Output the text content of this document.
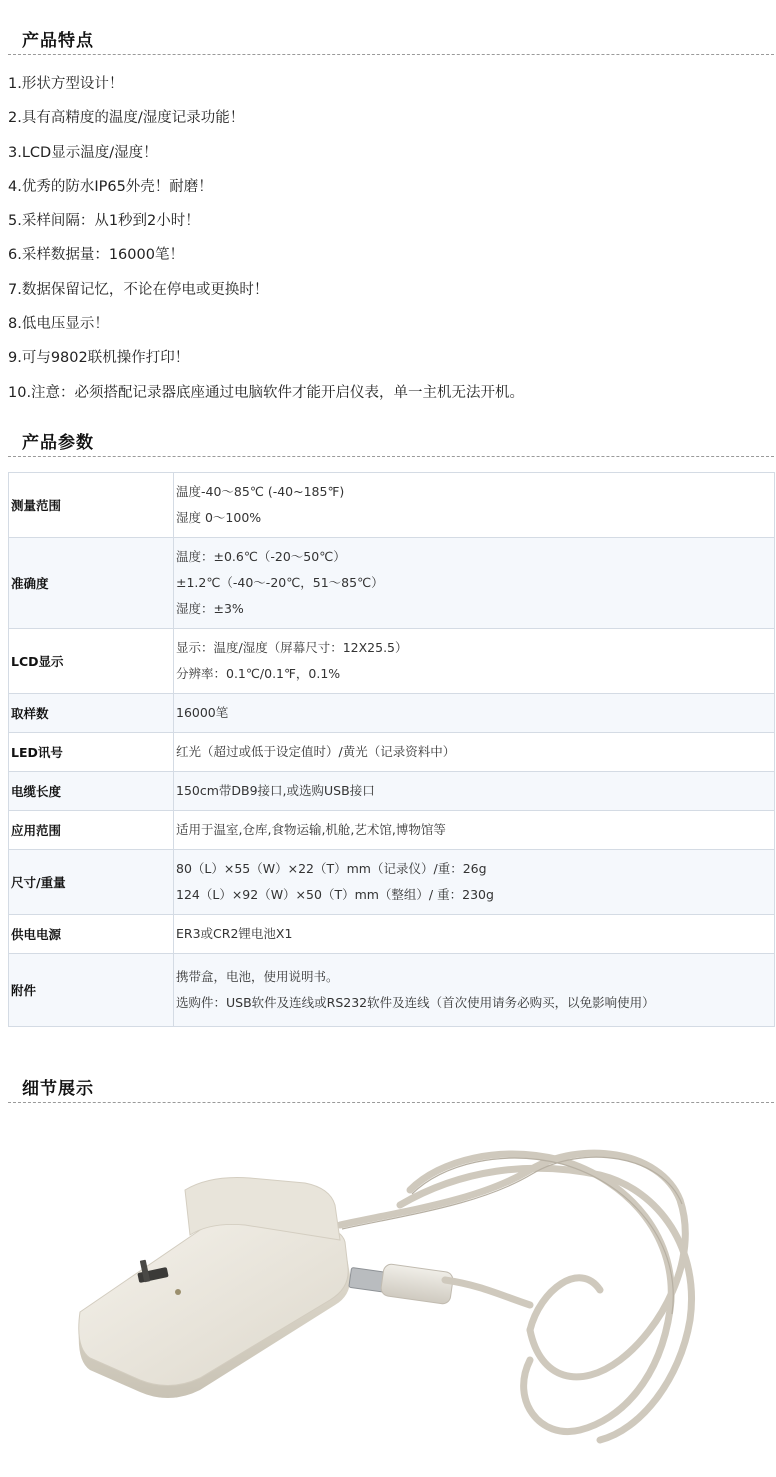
产品特点
1.形状方型设计！
2.具有高精度的温度/湿度记录功能！
3.LCD显示温度/湿度！
4.优秀的防水IP65外壳！耐磨！
5.采样间隔：从1秒到2小时！
6.采样数据量：16000笔！
7.数据保留记忆，不论在停电或更换时！
8.低电压显示！
9.可与9802联机操作打印！
10.注意：必须搭配记录器底座通过电脑软件才能开启仪表，单一主机无法开机。
产品参数
测量范围	温度-40～85℃ (-40~185℉)
湿度 0～100%

准确度	温度：±0.6℃（-20～50℃）
±1.2℃（-40～-20℃，51～85℃）
湿度：±3%

LCD显示	显示：温度/湿度（屏幕尺寸：12X25.5）
分辨率：0.1℃/0.1℉，0.1%

取样数	16000笔

LED讯号	红光（超过或低于设定值时）/黄光（记录资料中）

电缆长度	150cm带DB9接口,或选购USB接口

应用范围	适用于温室,仓库,食物运输,机舱,艺术馆,博物馆等

尺寸/重量	80（L）×55（W）×22（T）mm（记录仪）/重：26g
124（L）×92（W）×50（T）mm（整组）/ 重：230g

供电电源	ER3或CR2锂电池X1

附件	携带盒，电池，使用说明书。
选购件：USB软件及连线或RS232软件及连线（首次使用请务必购买，以免影响使用）
细节展示
